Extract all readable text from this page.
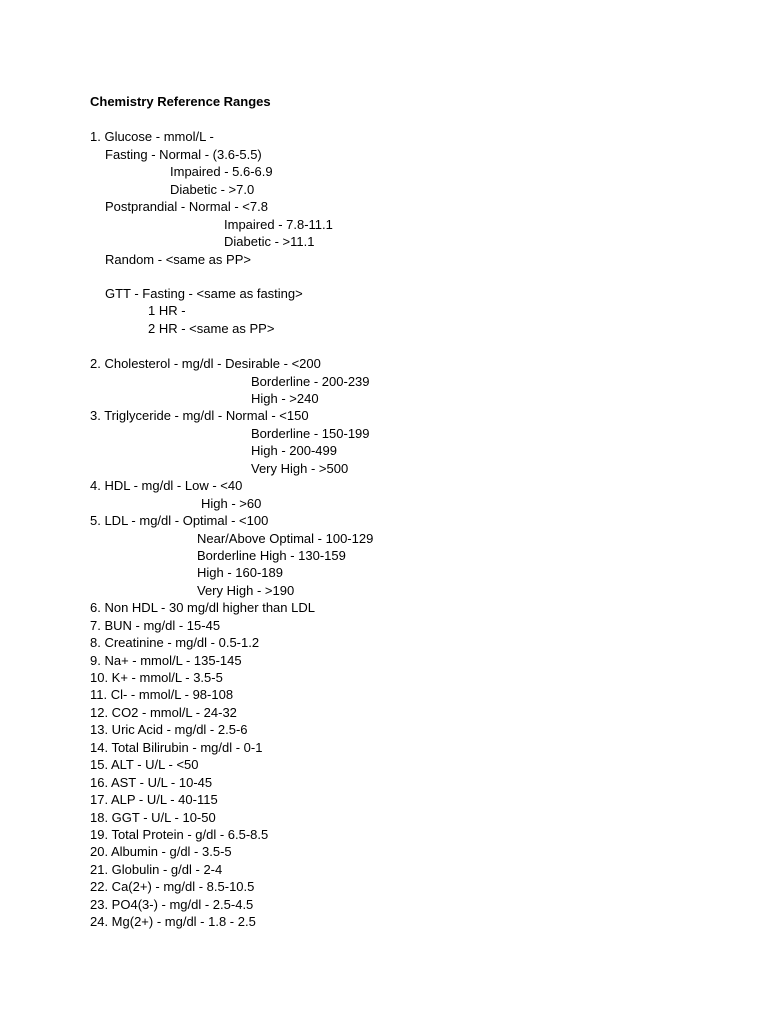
Chemistry Reference Ranges

1. Glucose - mmol/L -

Fasting - Normal - (3.6-5.5)

Impaired - 5.6-6.9

Diabetic - >7.0

Postprandial - Normal - <7.8

Impaired - 7.8-11.1

Diabetic - >11.1

Random - <same as PP>

GTT - Fasting - <same as fasting>

1 HR -

2 HR - <same as PP>

2. Cholesterol - mg/dl - Desirable - <200

Borderline - 200-239

High - >240

3. Triglyceride - mg/dl - Normal - <150

Borderline - 150-199

High - 200-499

Very High - >500

4. HDL - mg/dl - Low - <40

High - >60

5. LDL - mg/dl - Optimal - <100

Near/Above Optimal - 100-129

Borderline High - 130-159

High - 160-189

Very High - >190

6. Non HDL - 30 mg/dl higher than LDL

7. BUN - mg/dl - 15-45

8. Creatinine - mg/dl - 0.5-1.2

9. Na+ - mmol/L - 135-145

10. K+ - mmol/L - 3.5-5

11. Cl- - mmol/L - 98-108

12. CO2 - mmol/L - 24-32

13. Uric Acid - mg/dl - 2.5-6

14. Total Bilirubin - mg/dl - 0-1

15. ALT - U/L - <50

16. AST - U/L - 10-45

17. ALP - U/L - 40-115

18. GGT - U/L - 10-50

19. Total Protein - g/dl - 6.5-8.5

20. Albumin - g/dl - 3.5-5

21. Globulin - g/dl - 2-4

22. Ca(2+) - mg/dl - 8.5-10.5

23. PO4(3-) - mg/dl - 2.5-4.5

24. Mg(2+) - mg/dl - 1.8 - 2.5
